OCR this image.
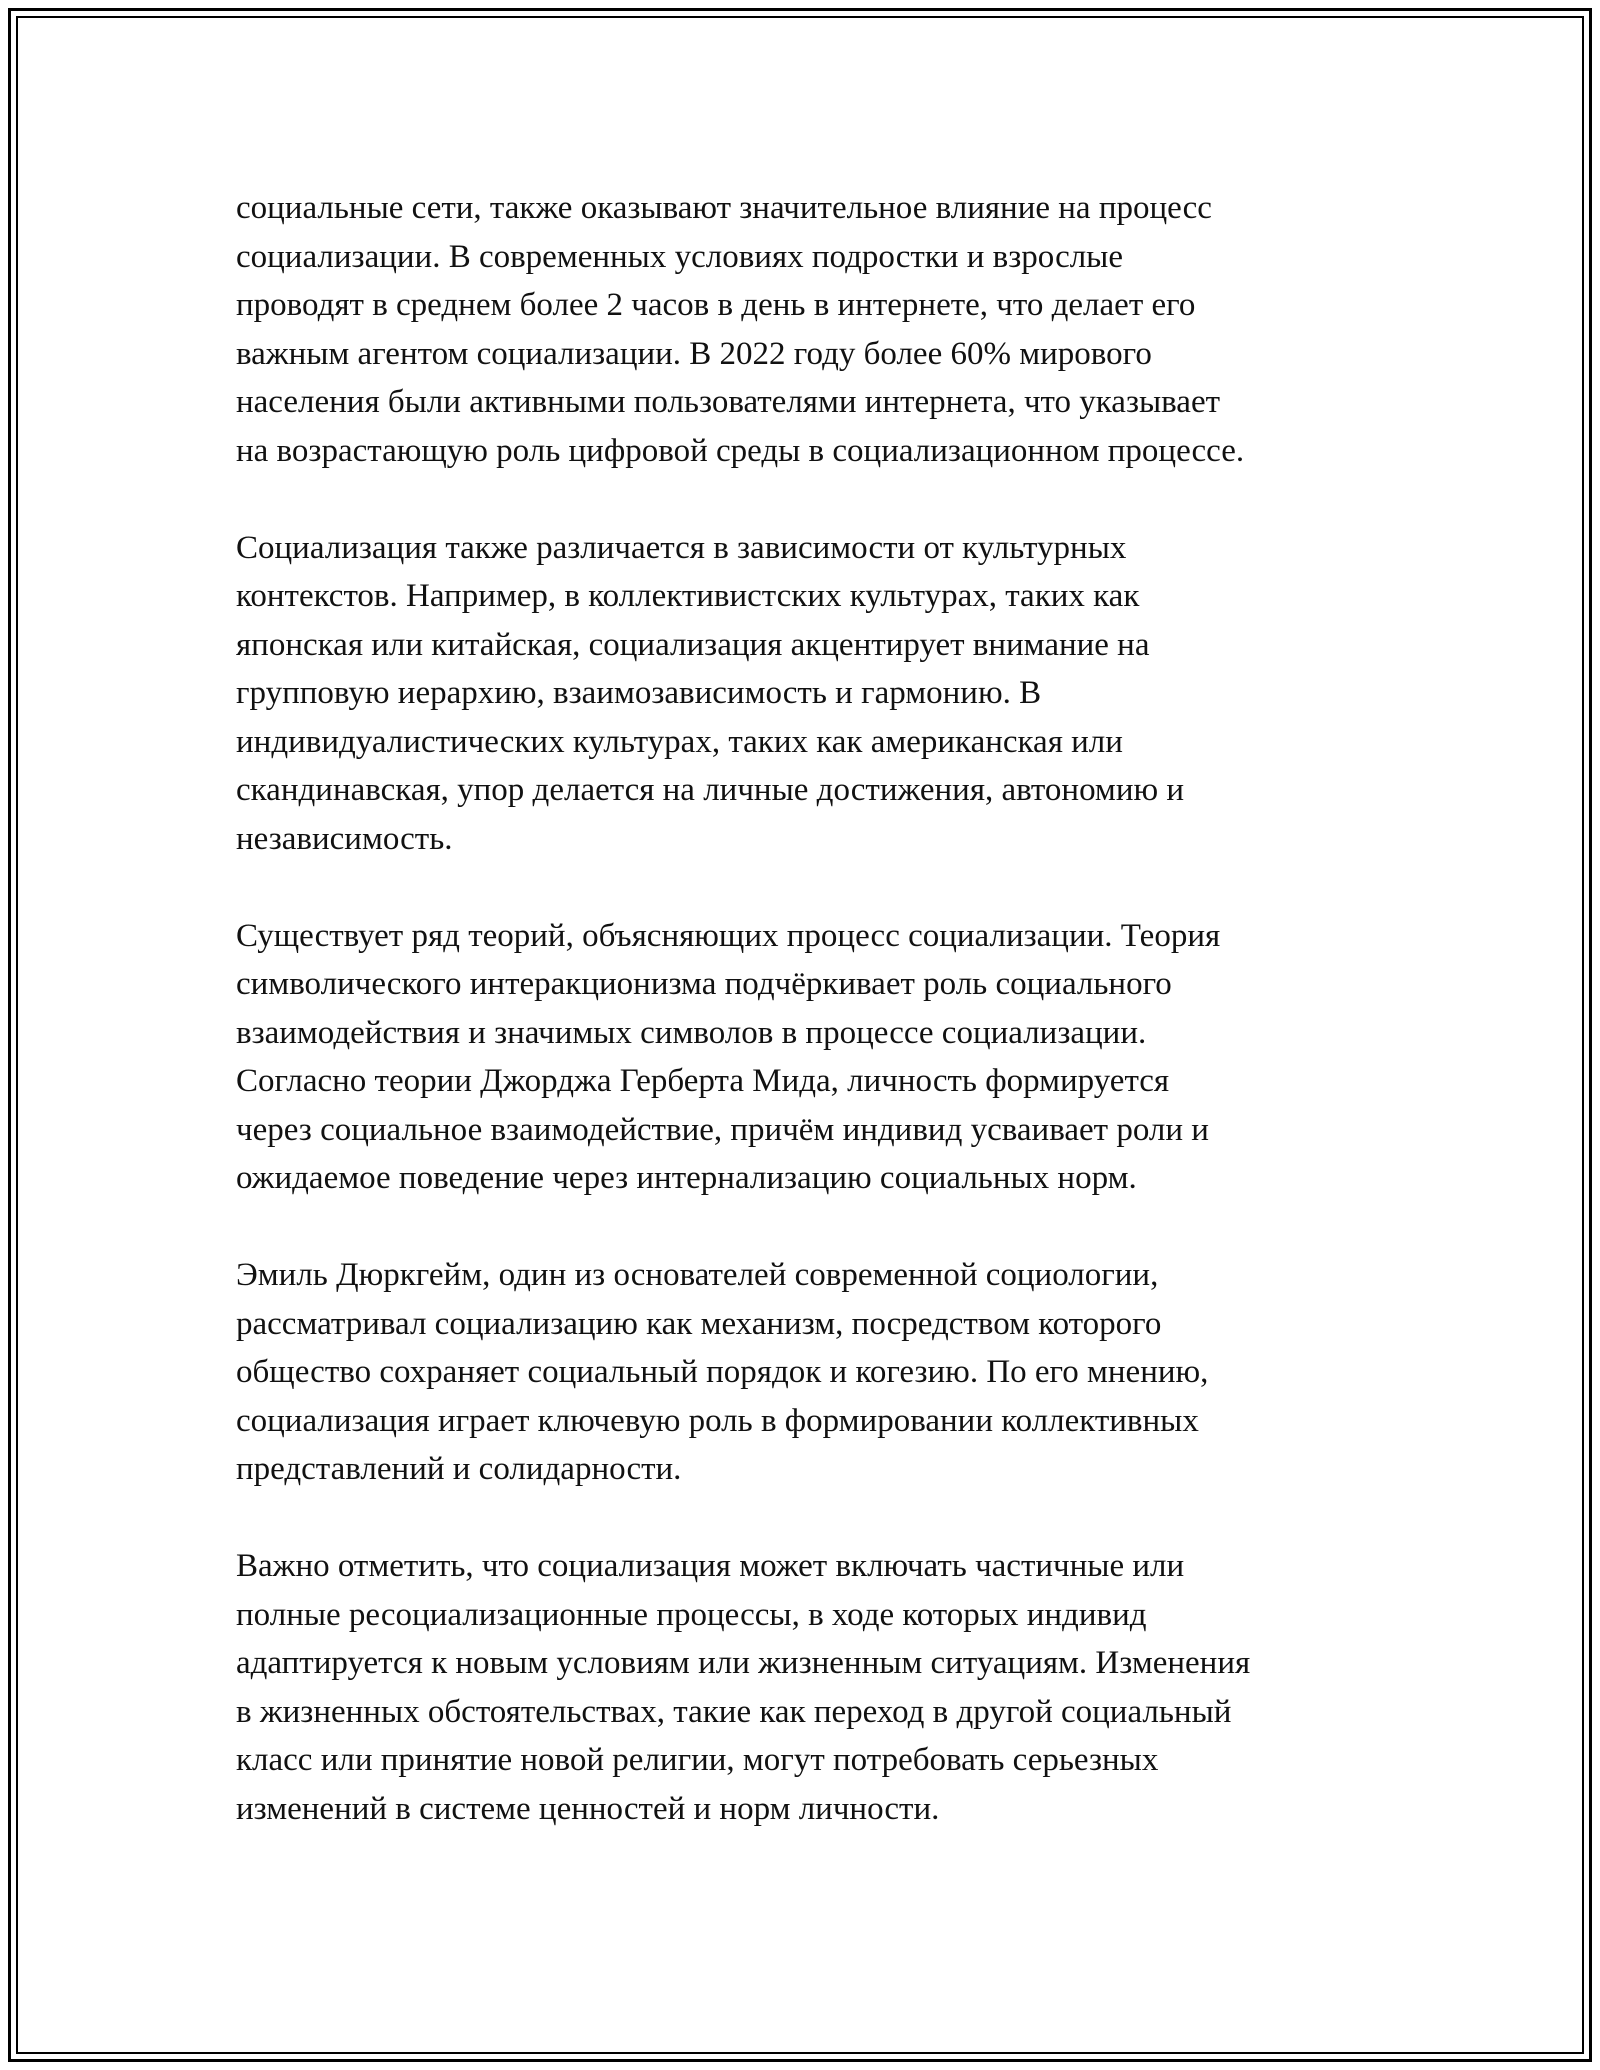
социальные сети, также оказывают значительное влияние на процесс
социализации. В современных условиях подростки и взрослые
проводят в среднем более 2 часов в день в интернете, что делает его
важным агентом социализации. В 2022 году более 60% мирового
населения были активными пользователями интернета, что указывает
на возрастающую роль цифровой среды в социализационном процессе.

Социализация также различается в зависимости от культурных
контекстов. Например, в коллективистских культурах, таких как
японская или китайская, социализация акцентирует внимание на
групповую иерархию, взаимозависимость и гармонию. В
индивидуалистических культурах, таких как американская или
скандинавская, упор делается на личные достижения, автономию и
независимость.

Существует ряд теорий, объясняющих процесс социализации. Теория
символического интеракционизма подчёркивает роль социального
взаимодействия и значимых символов в процессе социализации.
Согласно теории Джорджа Герберта Мида, личность формируется
через социальное взаимодействие, причём индивид усваивает роли и
ожидаемое поведение через интернализацию социальных норм.

Эмиль Дюркгейм, один из основателей современной социологии,
рассматривал социализацию как механизм, посредством которого
общество сохраняет социальный порядок и когезию. По его мнению,
социализация играет ключевую роль в формировании коллективных
представлений и солидарности.

Важно отметить, что социализация может включать частичные или
полные ресоциализационные процессы, в ходе которых индивид
адаптируется к новым условиям или жизненным ситуациям. Изменения
в жизненных обстоятельствах, такие как переход в другой социальный
класс или принятие новой религии, могут потребовать серьезных
изменений в системе ценностей и норм личности.
